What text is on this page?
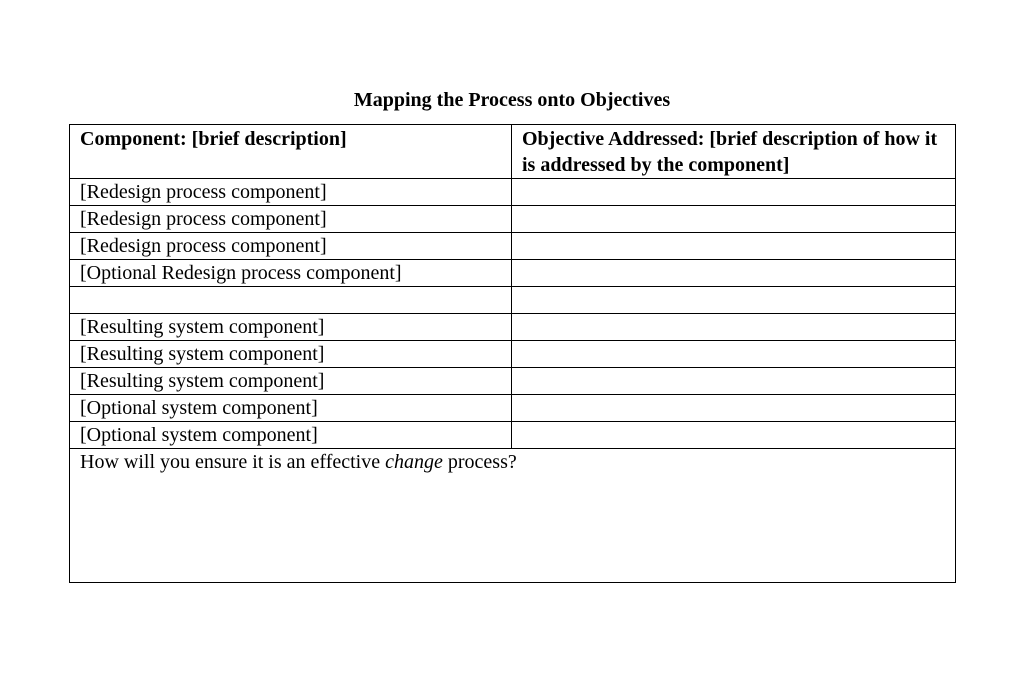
Mapping the Process onto Objectives
Component: [brief description]	Objective Addressed: [brief description of how it is addressed by the component]
[Redesign process component]	
[Redesign process component]	
[Redesign process component]	
[Optional Redesign process component]	

[Resulting system component]	
[Resulting system component]	
[Resulting system component]	
[Optional system component]	
[Optional system component]	
How will you ensure it is an effective change process?	
